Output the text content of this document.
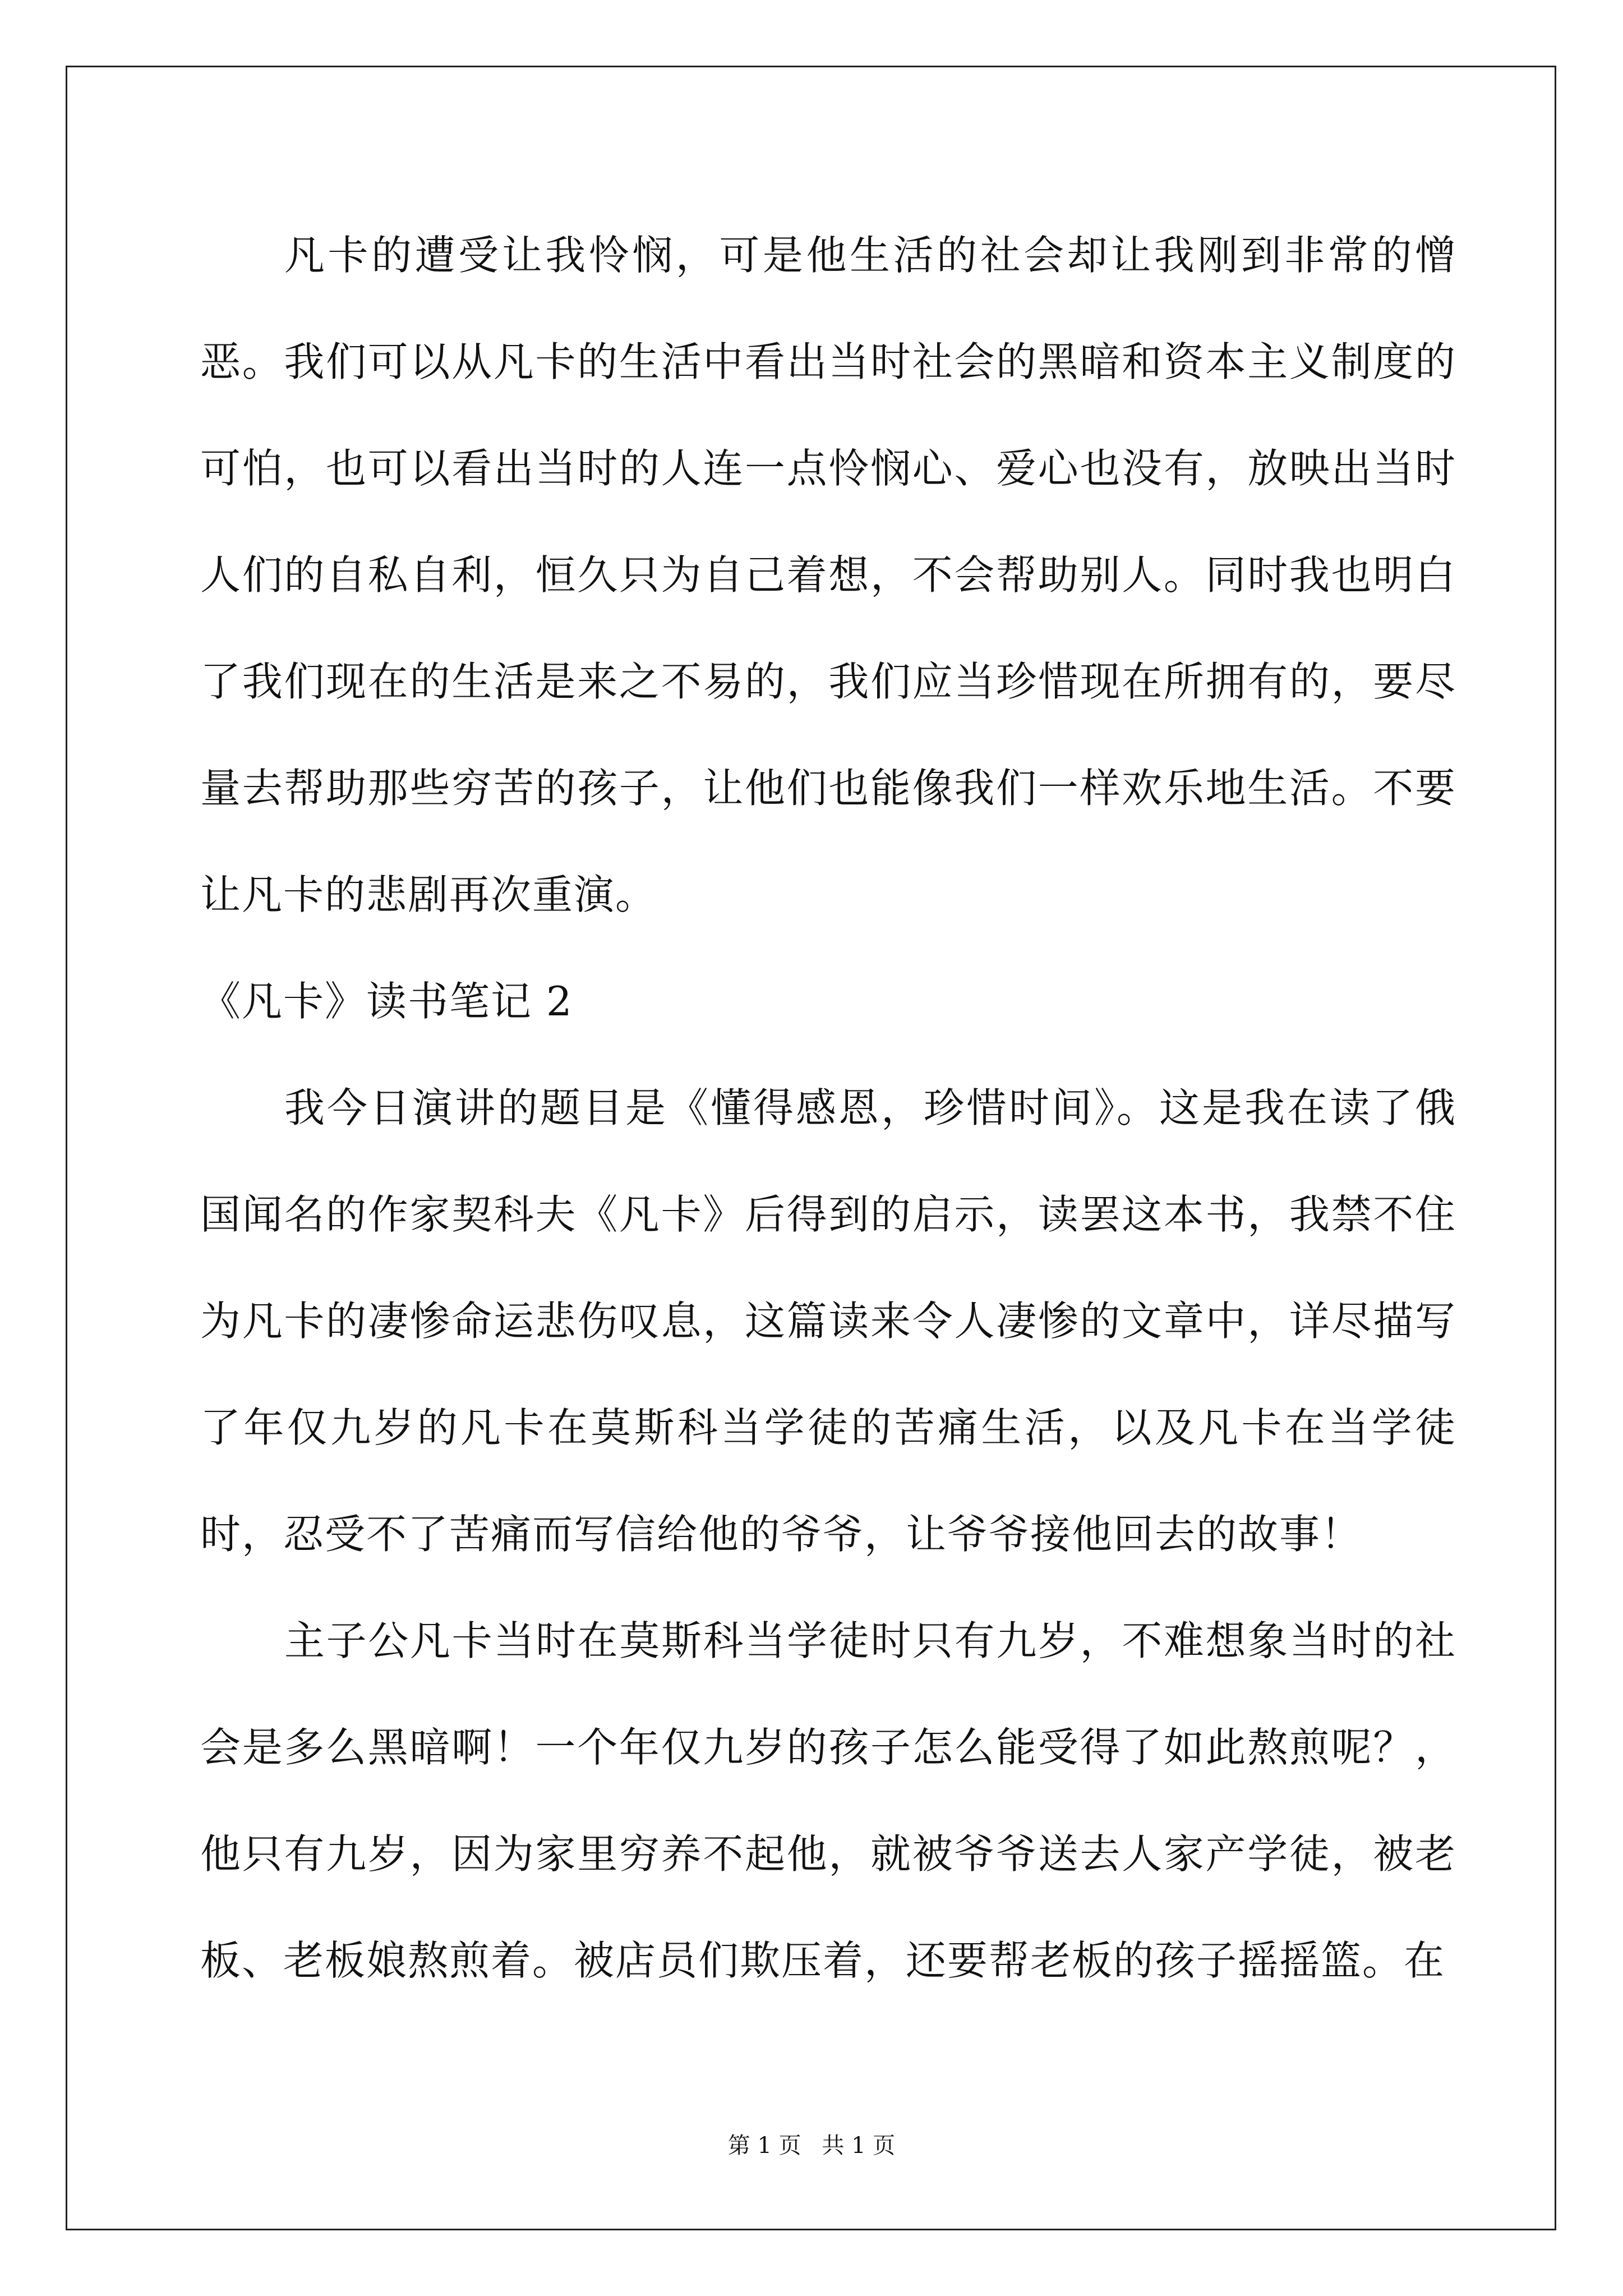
凡卡的遭受让我怜悯，可是他生活的社会却让我刚到非常的憎恶。我们可以从凡卡的生活中看出当时社会的黑暗和资本主义制度的可怕，也可以看出当时的人连一点怜悯心、爱心也没有，放映出当时人们的自私自利，恒久只为自己着想，不会帮助别人。同时我也明白了我们现在的生活是来之不易的，我们应当珍惜现在所拥有的，要尽量去帮助那些穷苦的孩子，让他们也能像我们一样欢乐地生活。不要让凡卡的悲剧再次重演。

《凡卡》读书笔记 2

我今日演讲的题目是《懂得感恩，珍惜时间》。这是我在读了俄国闻名的作家契科夫《凡卡》后得到的启示，读罢这本书，我禁不住为凡卡的凄惨命运悲伤叹息，这篇读来令人凄惨的文章中，详尽描写了年仅九岁的凡卡在莫斯科当学徒的苦痛生活，以及凡卡在当学徒时，忍受不了苦痛而写信给他的爷爷，让爷爷接他回去的故事！

主子公凡卡当时在莫斯科当学徒时只有九岁，不难想象当时的社会是多么黑暗啊！一个年仅九岁的孩子怎么能受得了如此熬煎呢？，他只有九岁，因为家里穷养不起他，就被爷爷送去人家产学徒，被老板、老板娘熬煎着。被店员们欺压着，还要帮老板的孩子摇摇篮。在

第 1 页 共 1 页
